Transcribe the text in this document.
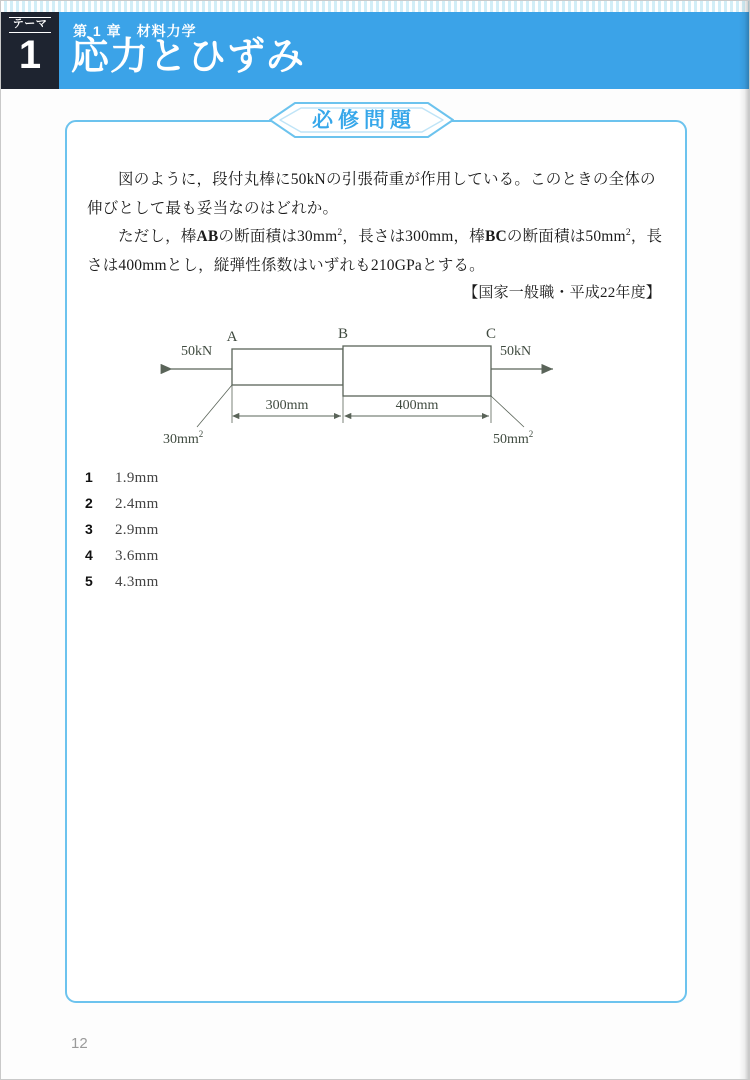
テーマ
1
第 1 章　材料力学
応力とひずみ
必修問題

図のように，段付丸棒に50kNの引張荷重が作用している。このときの全体の伸びとして最も妥当なのはどれか。

ただし，棒ABの断面積は$30mm^2$，長さは300mm，棒BCの断面積は$50mm^2$，長さは400mmとし，縦弾性係数はいずれも210GPaとする。

【国家一般職・平成22年度】
A	B	C
50kN	50kN
300mm	400mm
$30mm^2$	$50mm^2$
1	1.9mm
2	2.4mm
3	2.9mm
4	3.6mm
5	4.3mm
12
